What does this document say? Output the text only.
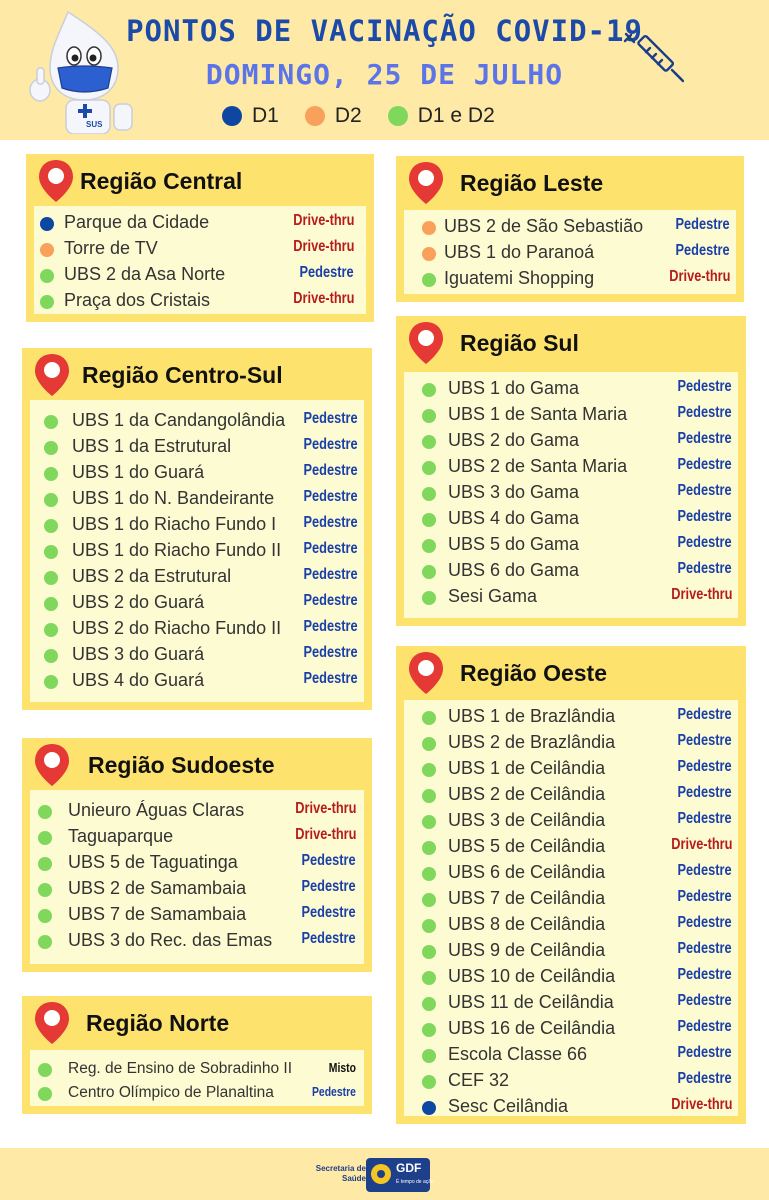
SUS
PONTOS DE VACINAÇÃO COVID-19
DOMINGO, 25 DE JULHO
D1	D2	D1 e D2
Região Central
Parque da Cidade	Drive-thru
Torre de TV	Drive-thru
UBS 2 da Asa Norte	Pedestre
Praça dos Cristais	Drive-thru
Região Centro-Sul
UBS 1 da Candangolândia Pedestre
UBS 1 da Estrutural	Pedestre
UBS 1 do Guará	Pedestre
UBS 1 do N. Bandeirante Pedestre
UBS 1 do Riacho Fundo I Pedestre
UBS 1 do Riacho Fundo II Pedestre
UBS 2 da Estrutural	Pedestre
UBS 2 do Guará	Pedestre
UBS 2 do Riacho Fundo II Pedestre
UBS 3 do Guará	Pedestre
UBS 4 do Guará	Pedestre
Região Sudoeste
Unieuro Águas Claras	Drive-thru
Taguaparque	Drive-thru
UBS 5 de Taguatinga	Pedestre
UBS 2 de Samambaia	Pedestre
UBS 7 de Samambaia	Pedestre
UBS 3 do Rec. das Emas Pedestre
Região Norte
Reg. de Ensino de Sobradinho II	Misto
Centro Olímpico de Planaltina	Pedestre
Região Leste
UBS 2 de São Sebastião Pedestre
UBS 1 do Paranoá	Pedestre
Iguatemi Shopping	Drive-thru
Região Sul
UBS 1 do Gama	Pedestre
UBS 1 de Santa Maria	Pedestre
UBS 2 do Gama	Pedestre
UBS 2 de Santa Maria	Pedestre
UBS 3 do Gama	Pedestre
UBS 4 do Gama	Pedestre
UBS 5 do Gama	Pedestre
UBS 6 do Gama	Pedestre
Sesi Gama	Drive-thru
Região Oeste
UBS 1 de Brazlândia	Pedestre
UBS 2 de Brazlândia	Pedestre
UBS 1 de Ceilândia	Pedestre
UBS 2 de Ceilândia	Pedestre
UBS 3 de Ceilândia	Pedestre
UBS 5 de Ceilândia	Drive-thru
UBS 6 de Ceilândia	Pedestre
UBS 7 de Ceilândia	Pedestre
UBS 8 de Ceilândia	Pedestre
UBS 9 de Ceilândia	Pedestre
UBS 10 de Ceilândia	Pedestre
UBS 11 de Ceilândia	Pedestre
UBS 16 de Ceilândia	Pedestre
Escola Classe 66	Pedestre
CEF 32	Pedestre
Sesc Ceilândia	Drive-thru
Secretaria de Saúde
GDF
É tempo de ação
